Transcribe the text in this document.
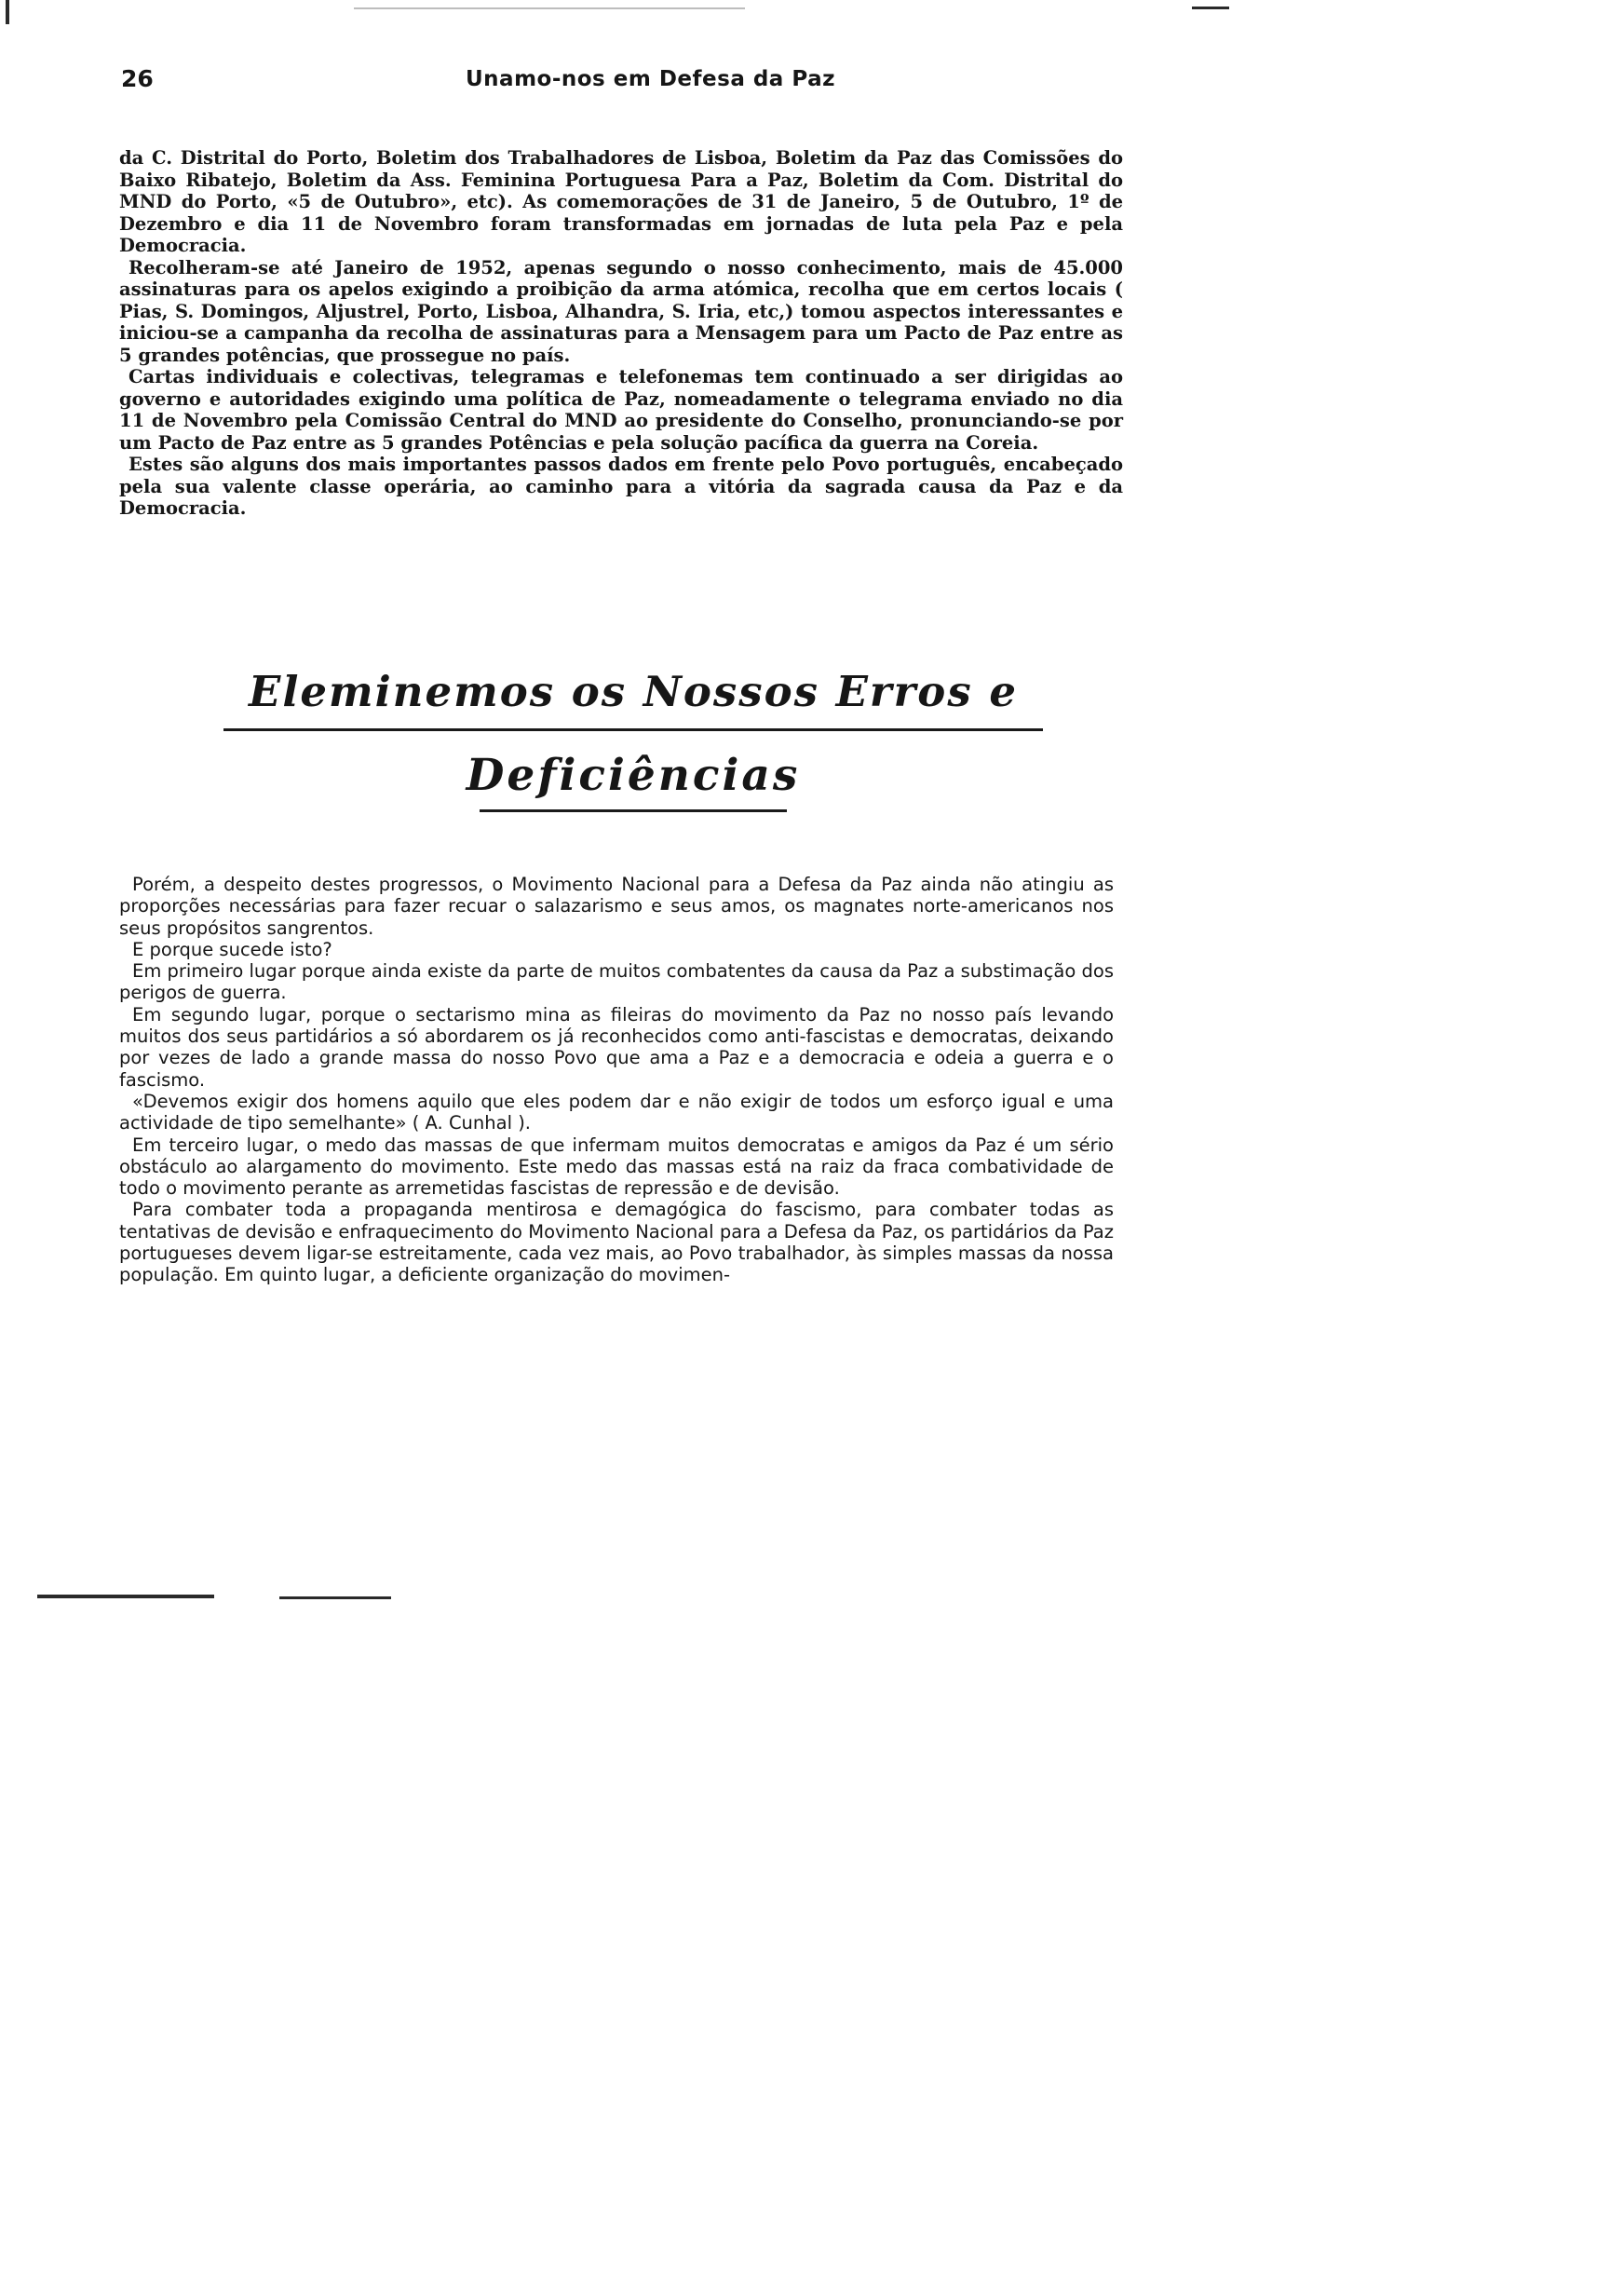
26	Unamo-nos em Defesa da Paz

da C. Distrital do Porto, Boletim dos Trabalhadores de Lisboa, Boletim da Paz das Comissões do Baixo Ribatejo, Boletim da Ass. Feminina Portuguesa Para a Paz, Boletim da Com. Distrital do MND do Porto, «5 de Outubro», etc). As comemorações de 31 de Janeiro, 5 de Outubro, 1º de Dezembro e dia 11 de Novembro foram transformadas em jornadas de luta pela Paz e pela Democracia.

Recolheram-se até Janeiro de 1952, apenas segundo o nosso conhecimento, mais de 45.000 assinaturas para os apelos exigindo a proibição da arma atómica, recolha que em certos locais ( Pias, S. Domingos, Aljustrel, Porto, Lisboa, Alhandra, S. Iria, etc,) tomou aspectos interessantes e iniciou-se a campanha da recolha de assinaturas para a Mensagem para um Pacto de Paz entre as 5 grandes potências, que prossegue no país.

Cartas individuais e colectivas, telegramas e telefonemas tem continuado a ser dirigidas ao governo e autoridades exigindo uma política de Paz, nomeadamente o telegrama enviado no dia 11 de Novembro pela Comissão Central do MND ao presidente do Conselho, pronunciando-se por um Pacto de Paz entre as 5 grandes Potências e pela solução pacífica da guerra na Coreia.

Estes são alguns dos mais importantes passos dados em frente pelo Povo português, encabeçado pela sua valente classe operária, ao caminho para a vitória da sagrada causa da Paz e da Democracia.

Eleminemos os Nossos Erros e
Deficiências

Porém, a despeito destes progressos, o Movimento Nacional para a Defesa da Paz ainda não atingiu as proporções necessárias para fazer recuar o salazarismo e seus amos, os magnates norte-americanos nos seus propósitos sangrentos.

E porque sucede isto?

Em primeiro lugar porque ainda existe da parte de muitos combatentes da causa da Paz a substimação dos perigos de guerra.

Em segundo lugar, porque o sectarismo mina as fileiras do movimento da Paz no nosso país levando muitos dos seus partidários a só abordarem os já reconhecidos como anti-fascistas e democratas, deixando por vezes de lado a grande massa do nosso Povo que ama a Paz e a democracia e odeia a guerra e o fascismo.

«Devemos exigir dos homens aquilo que eles podem dar e não exigir de todos um esforço igual e uma actividade de tipo semelhante» ( A. Cunhal ).

Em terceiro lugar, o medo das massas de que infermam muitos democratas e amigos da Paz é um sério obstáculo ao alargamento do movimento. Este medo das massas está na raiz da fraca combatividade de todo o movimento perante as arremetidas fascistas de repressão e de devisão.

Para combater toda a propaganda mentirosa e demagógica do fascismo, para combater todas as tentativas de devisão e enfraquecimento do Movimento Nacional para a Defesa da Paz, os partidários da Paz portugueses devem ligar-se estreitamente, cada vez mais, ao Povo trabalhador, às simples massas da nossa população. Em quinto lugar, a deficiente organização do movimen-
